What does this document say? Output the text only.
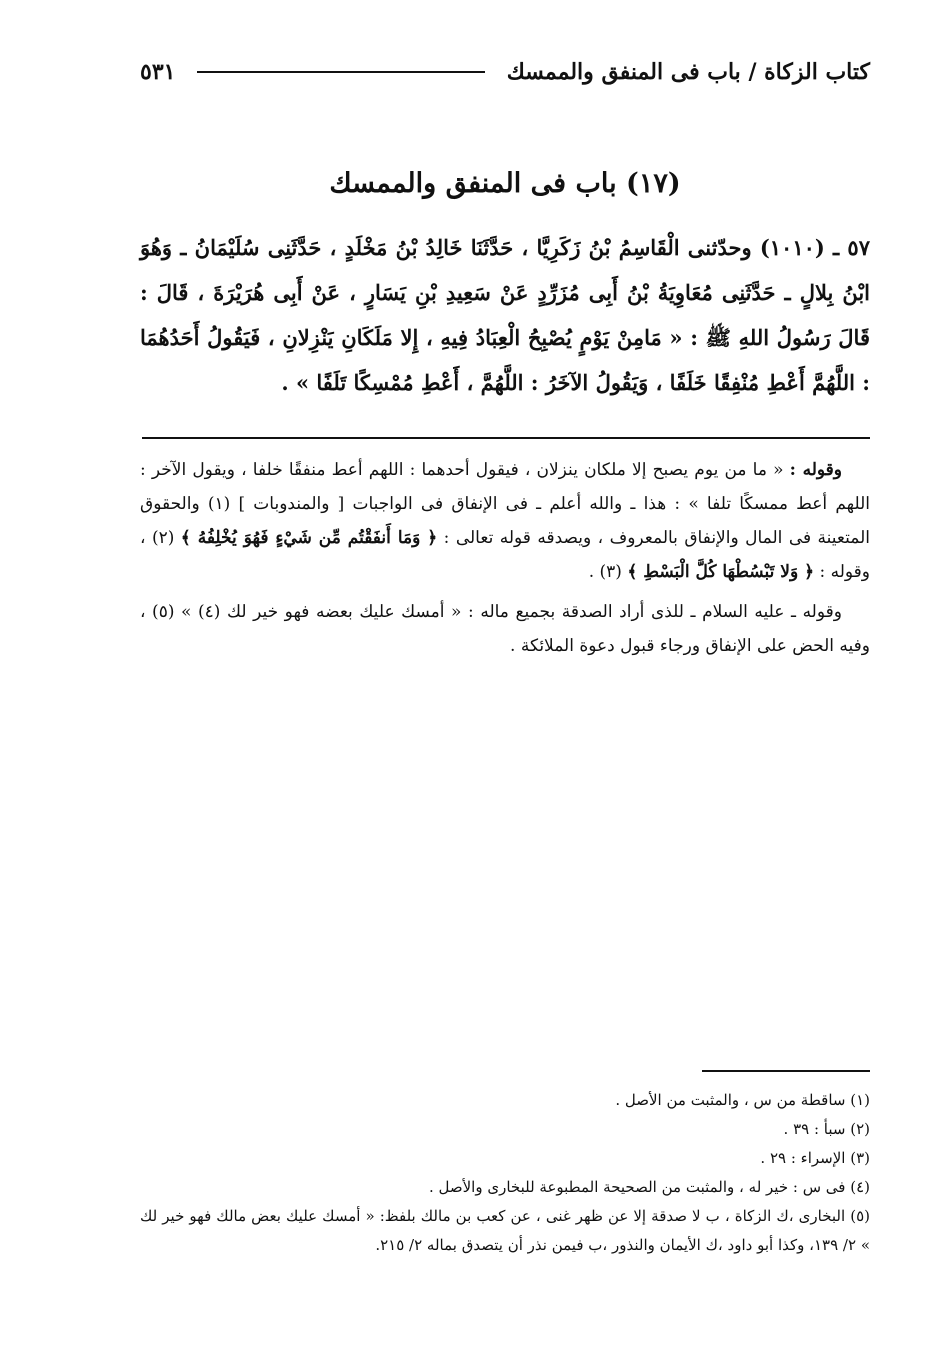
كتاب الزكاة / باب فى المنفق والممسك
٥٣١
(١٧) باب فى المنفق والممسك
٥٧ ـ (١٠١٠) وحدّثنى الْقَاسِمُ بْنُ زَكَرِيَّا ، حَدَّثَنَا خَالِدُ بْنُ مَخْلَدٍ ، حَدَّثَنِى سُلَيْمَانُ ـ وَهُوَ ابْنُ بِلالٍ ـ حَدَّثَنِى مُعَاوِيَةُ بْنُ أَبِى مُزَرِّدٍ عَنْ سَعِيدِ بْنِ يَسَارٍ ، عَنْ أَبِى هُرَيْرَةَ ، قَالَ : قَالَ رَسُولُ اللهِ ﷺ : « مَامِنْ يَوْمٍ يُصْبِحُ الْعِبَادُ فِيهِ ، إِلا مَلَكَانِ يَنْزِلانِ ، فَيَقُولُ أَحَدُهُمَا : اللَّهُمَّ أَعْطِ مُنْفِقًا خَلَفًا ، وَيَقُولُ الآخَرُ : اللَّهُمَّ ، أَعْطِ مُمْسِكًا تَلَفًا » .

وقوله : « ما من يوم يصبح إلا ملكان ينزلان ، فيقول أحدهما : اللهم أعط منفقًا خلفا ، ويقول الآخر : اللهم أعط ممسكًا تلفا » : هذا ـ والله أعلم ـ فى الإنفاق فى الواجبات [ والمندوبات ] (١) والحقوق المتعينة فى المال والإنفاق بالمعروف ، ويصدقه قوله تعالى : ﴿ وَمَا أَنفَقْتُم مِّن شَيْءٍ فَهُوَ يُخْلِفُهُ ﴾ (٢) ، وقوله : ﴿ وَلا تَبْسُطْهَا كُلَّ الْبَسْطِ ﴾ (٣) .

وقوله ـ عليه السلام ـ للذى أراد الصدقة بجميع ماله : « أمسك عليك بعضه فهو خير لك (٤) » (٥) ، وفيه الحض على الإنفاق ورجاء قبول دعوة الملائكة .

(١) ساقطة من س ، والمثبت من الأصل .

(٢) سبأ : ٣٩ .

(٣) الإسراء : ٢٩ .

(٤) فى س : خير له ، والمثبت من الصحيحة المطبوعة للبخارى والأصل .

(٥) البخارى ،ك الزكاة ، ب لا صدقة إلا عن ظهر غنى ، عن كعب بن مالك بلفظ: « أمسك عليك بعض مالك فهو خير لك » ٢/ ١٣٩، وكذا أبو داود ،ك الأيمان والنذور ،ب فيمن نذر أن يتصدق بماله ٢/ ٢١٥.
